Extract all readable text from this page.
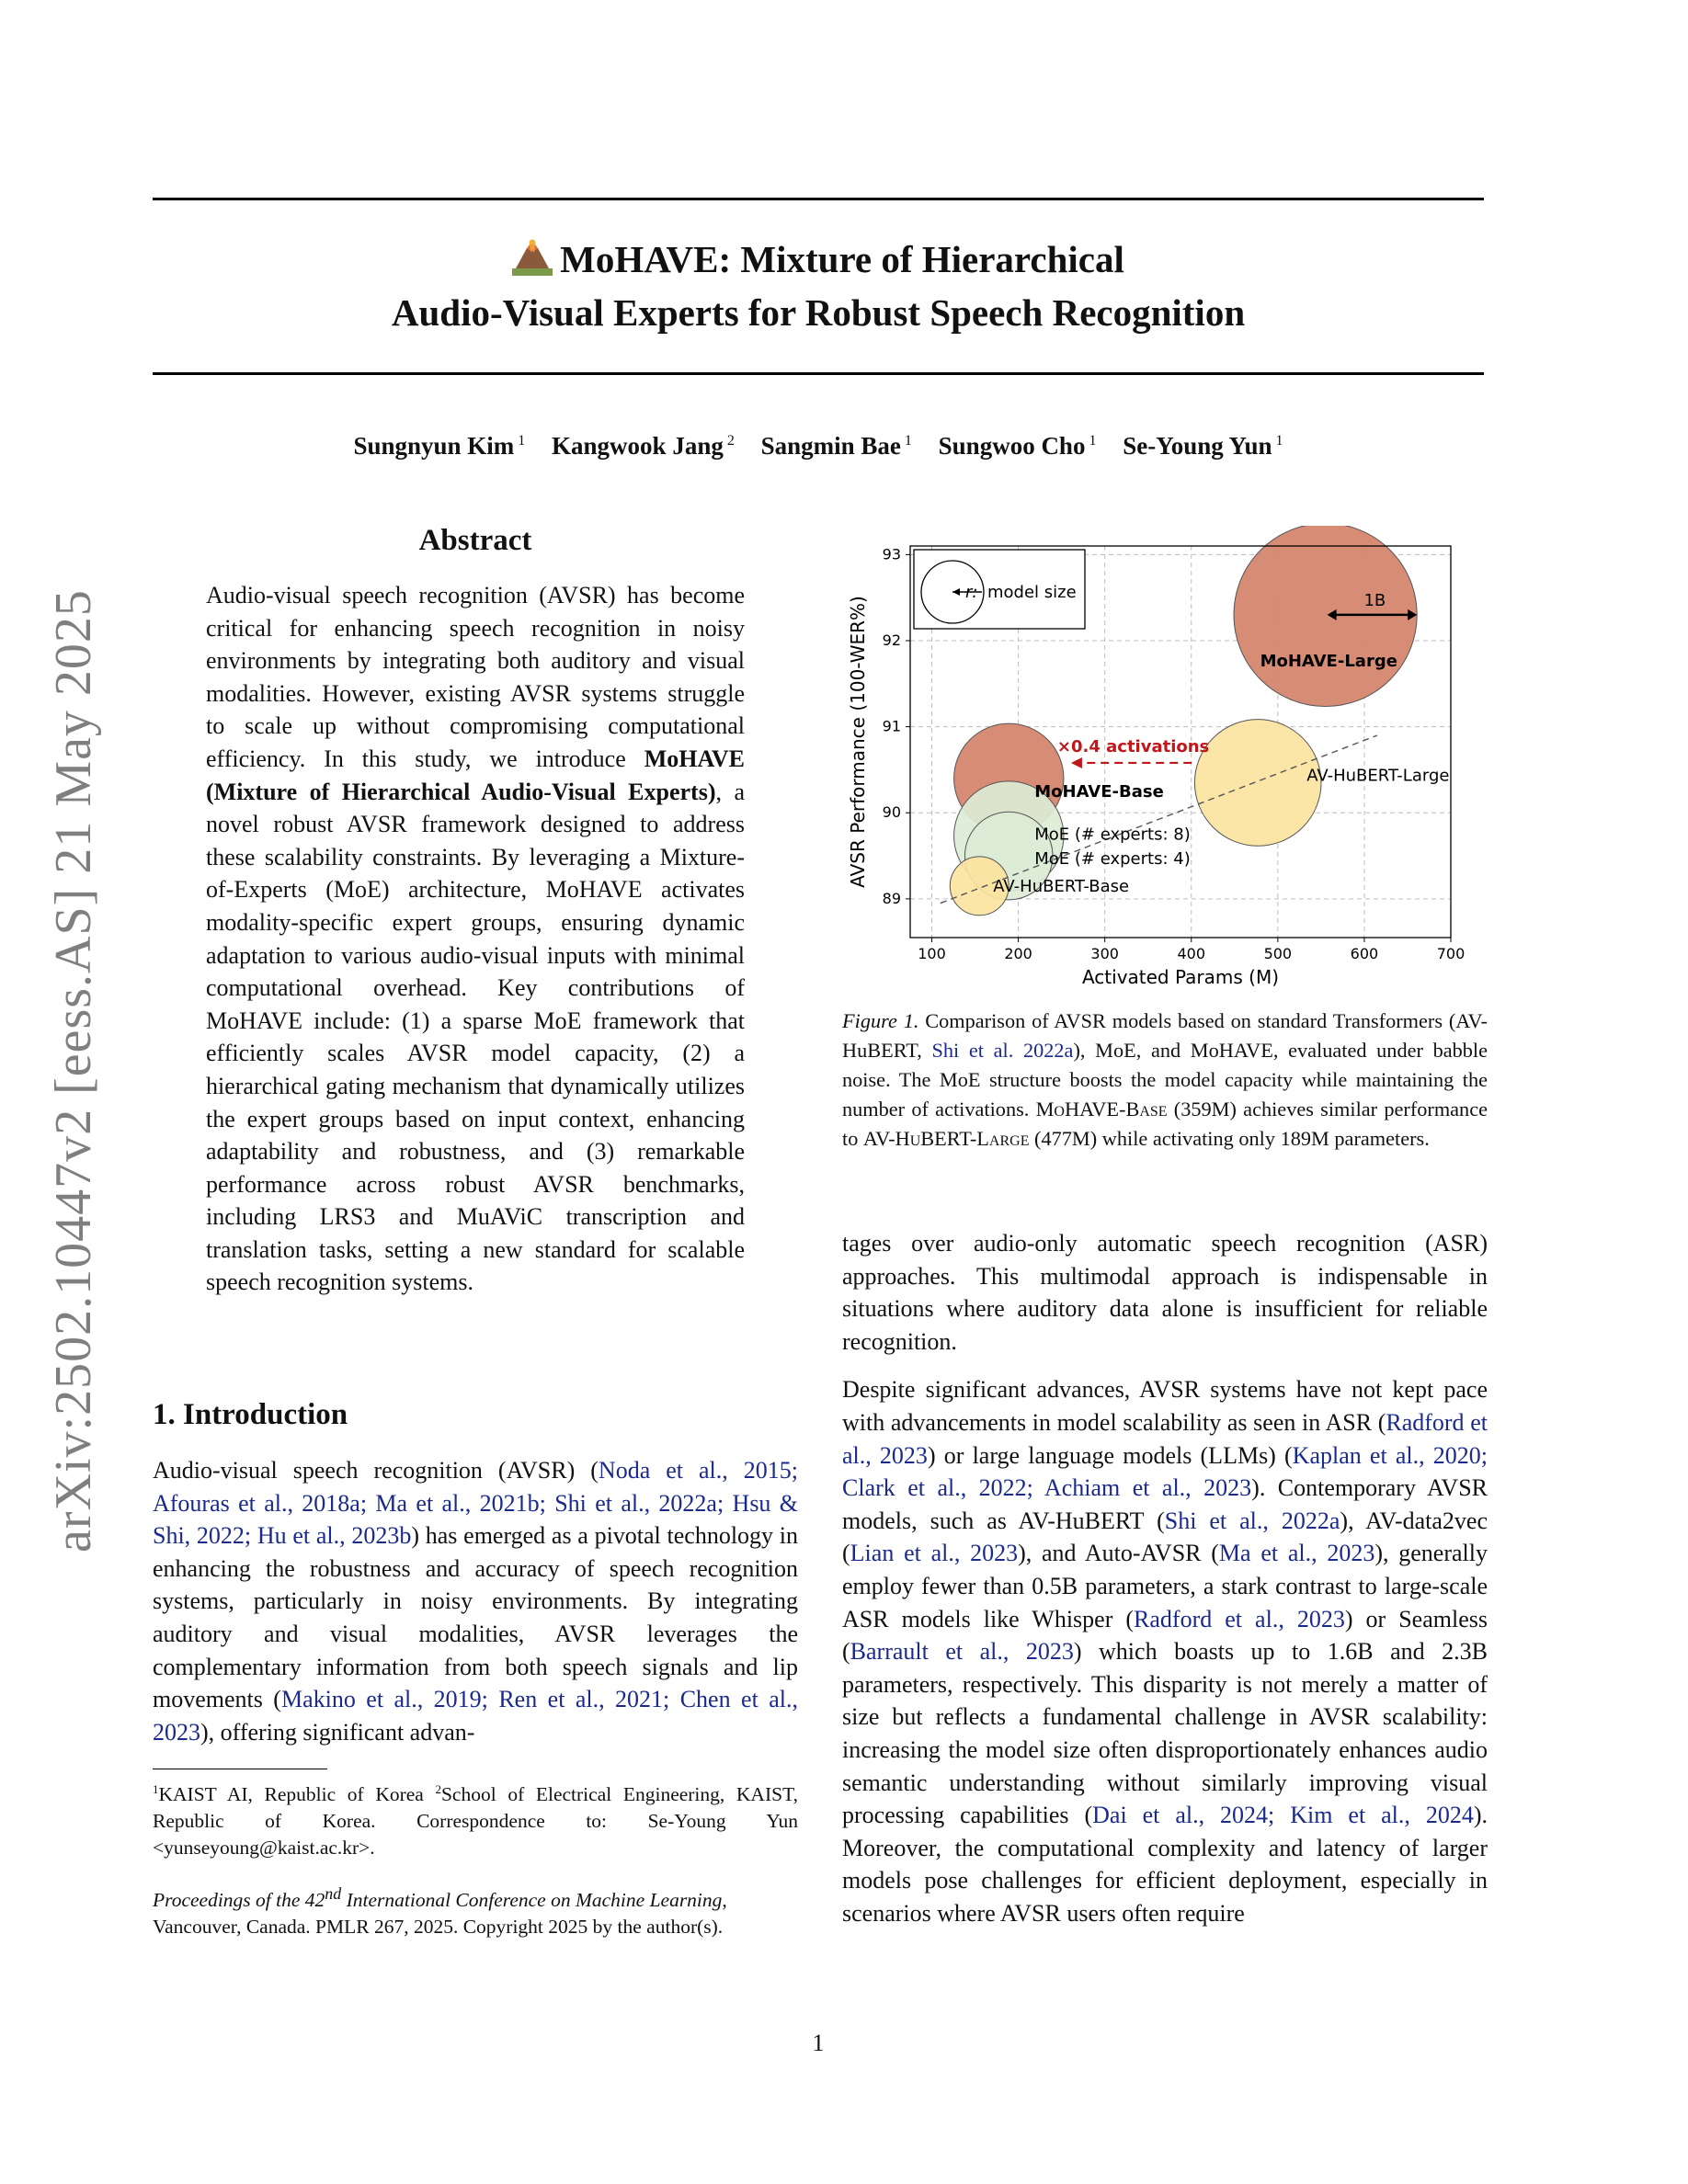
arXiv:2502.10447v2 [eess.AS] 21 May 2025
MoHAVE: Mixture of Hierarchical
Audio-Visual Experts for Robust Speech Recognition
Sungnyun Kim $^1$ Kangwook Jang $^2$ Sangmin Bae $^1$ Sungwoo Cho $^1$ Se-Young Yun $^1$
Abstract
Audio-visual speech recognition (AVSR) has become critical for enhancing speech recognition in noisy environments by integrating both auditory and visual modalities. However, existing AVSR systems struggle to scale up without compromising computational efficiency. In this study, we introduce MoHAVE (Mixture of Hierarchical Audio-Visual Experts), a novel robust AVSR framework designed to address these scalability constraints. By leveraging a Mixture-of-Experts (MoE) architecture, MoHAVE activates modality-specific expert groups, ensuring dynamic adaptation to various audio-visual inputs with minimal computational overhead. Key contributions of MoHAVE include: (1) a sparse MoE framework that efficiently scales AVSR model capacity, (2) a hierarchical gating mechanism that dynamically utilizes the expert groups based on input context, enhancing adaptability and robustness, and (3) remarkable performance across robust AVSR benchmarks, including LRS3 and MuAViC transcription and translation tasks, setting a new standard for scalable speech recognition systems.
1. Introduction
Audio-visual speech recognition (AVSR) (Noda et al., 2015; Afouras et al., 2018a; Ma et al., 2021b; Shi et al., 2022a; Hsu & Shi, 2022; Hu et al., 2023b) has emerged as a pivotal technology in enhancing the robustness and accuracy of speech recognition systems, particularly in noisy environments. By integrating auditory and visual modalities, AVSR leverages the complementary information from both speech signals and lip movements (Makino et al., 2019; Ren et al., 2021; Chen et al., 2023), offering significant advan-
$^1$KAIST AI, Republic of Korea $^2$School of Electrical Engineering, KAIST, Republic of Korea. Correspondence to: Se-Young Yun <yunseyoung@kaist.ac.kr>.
Proceedings of the 42nd International Conference on Machine Learning, Vancouver, Canada. PMLR 267, 2025. Copyright 2025 by the author(s).
MoHAVE-Large
MoHAVE-Base
AV-HuBERT-Large
MoE (# experts: 8)
MoE (# experts: 4)
AV-HuBERT-Base
1B
×0.4 activations
100	200	300	400	500	600	700
89
90
91
92
93
Activated Params (M)
AVSR Performance (100-WER%)
r: model size
Figure 1. Comparison of AVSR models based on standard Transformers (AV-HuBERT, Shi et al. 2022a), MoE, and MoHAVE, evaluated under babble noise. The MoE structure boosts the model capacity while maintaining the number of activations. MoHAVE-Base (359M) achieves similar performance to AV-HuBERT-Large (477M) while activating only 189M parameters.

tages over audio-only automatic speech recognition (ASR) approaches. This multimodal approach is indispensable in situations where auditory data alone is insufficient for reliable recognition.

Despite significant advances, AVSR systems have not kept pace with advancements in model scalability as seen in ASR (Radford et al., 2023) or large language models (LLMs) (Kaplan et al., 2020; Clark et al., 2022; Achiam et al., 2023). Contemporary AVSR models, such as AV-HuBERT (Shi et al., 2022a), AV-data2vec (Lian et al., 2023), and Auto-AVSR (Ma et al., 2023), generally employ fewer than 0.5B parameters, a stark contrast to large-scale ASR models like Whisper (Radford et al., 2023) or Seamless (Barrault et al., 2023) which boasts up to 1.6B and 2.3B parameters, respectively. This disparity is not merely a matter of size but reflects a fundamental challenge in AVSR scalability: increasing the model size often disproportionately enhances audio semantic understanding without similarly improving visual processing capabilities (Dai et al., 2024; Kim et al., 2024). Moreover, the computational complexity and latency of larger models pose challenges for efficient deployment, especially in scenarios where AVSR users often require

1
